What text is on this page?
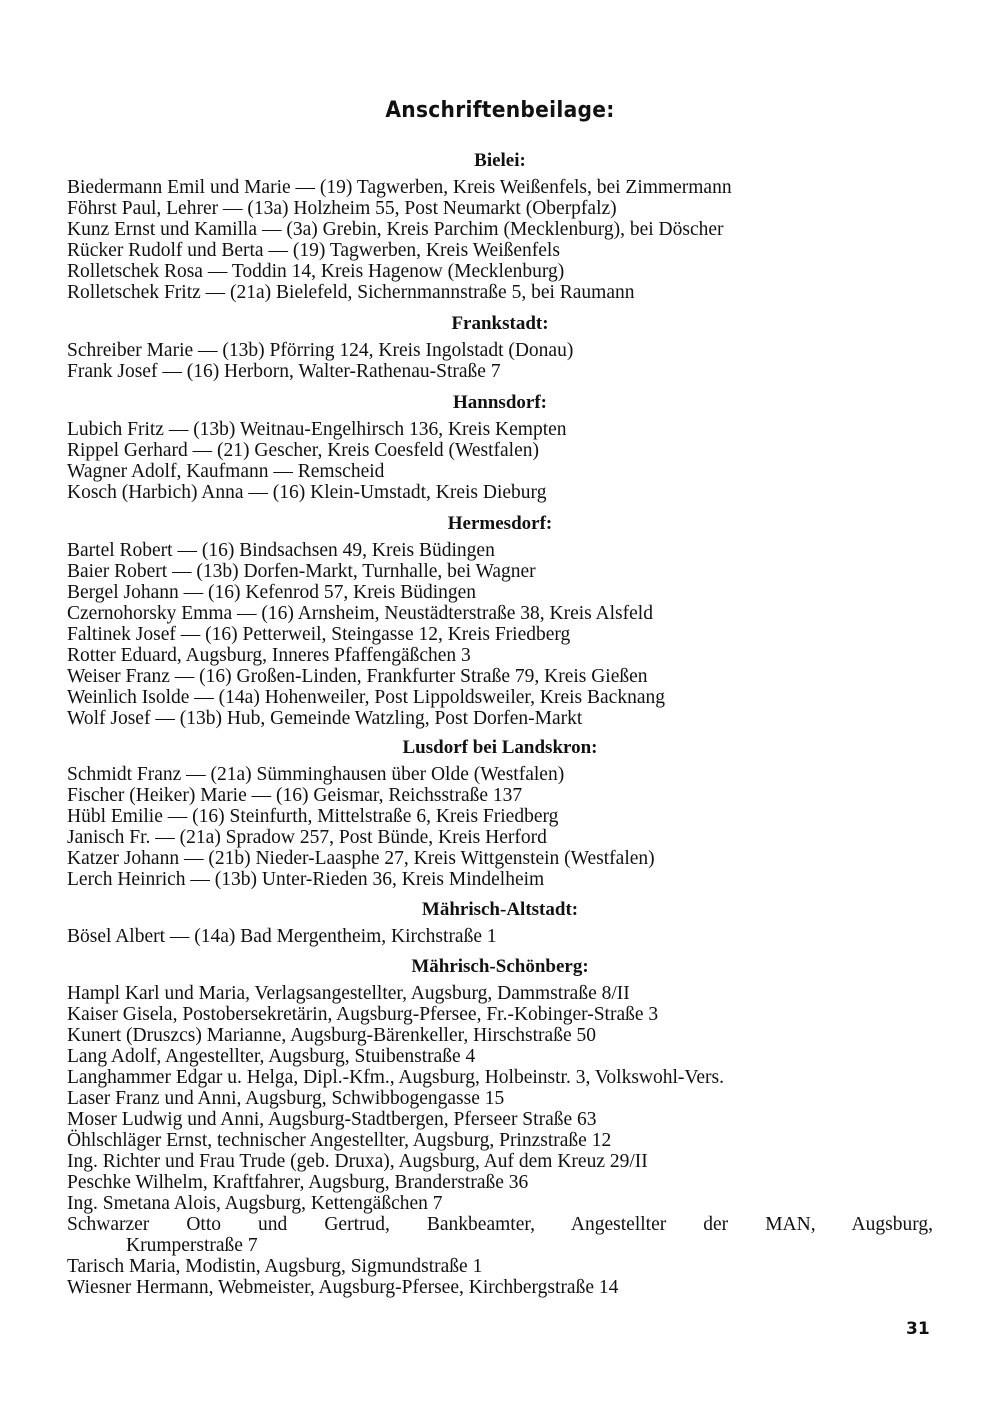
Anschriftenbeilage:
Bielei:
Biedermann Emil und Marie — (19) Tagwerben, Kreis Weißenfels, bei Zimmermann
Föhrst Paul, Lehrer — (13a) Holzheim 55, Post Neumarkt (Oberpfalz)
Kunz Ernst und Kamilla — (3a) Grebin, Kreis Parchim (Mecklenburg), bei Döscher
Rücker Rudolf und Berta — (19) Tagwerben, Kreis Weißenfels
Rolletschek Rosa — Toddin 14, Kreis Hagenow (Mecklenburg)
Rolletschek Fritz — (21a) Bielefeld, Sichernmannstraße 5, bei Raumann
Frankstadt:
Schreiber Marie — (13b) Pförring 124, Kreis Ingolstadt (Donau)
Frank Josef — (16) Herborn, Walter-Rathenau-Straße 7
Hannsdorf:
Lubich Fritz — (13b) Weitnau-Engelhirsch 136, Kreis Kempten
Rippel Gerhard — (21) Gescher, Kreis Coesfeld (Westfalen)
Wagner Adolf, Kaufmann — Remscheid
Kosch (Harbich) Anna — (16) Klein-Umstadt, Kreis Dieburg
Hermesdorf:
Bartel Robert — (16) Bindsachsen 49, Kreis Büdingen
Baier Robert — (13b) Dorfen-Markt, Turnhalle, bei Wagner
Bergel Johann — (16) Kefenrod 57, Kreis Büdingen
Czernohorsky Emma — (16) Arnsheim, Neustädterstraße 38, Kreis Alsfeld
Faltinek Josef — (16) Petterweil, Steingasse 12, Kreis Friedberg
Rotter Eduard, Augsburg, Inneres Pfaffengäßchen 3
Weiser Franz — (16) Großen-Linden, Frankfurter Straße 79, Kreis Gießen
Weinlich Isolde — (14a) Hohenweiler, Post Lippoldsweiler, Kreis Backnang
Wolf Josef — (13b) Hub, Gemeinde Watzling, Post Dorfen-Markt
Lusdorf bei Landskron:
Schmidt Franz — (21a) Sümminghausen über Olde (Westfalen)
Fischer (Heiker) Marie — (16) Geismar, Reichsstraße 137
Hübl Emilie — (16) Steinfurth, Mittelstraße 6, Kreis Friedberg
Janisch Fr. — (21a) Spradow 257, Post Bünde, Kreis Herford
Katzer Johann — (21b) Nieder-Laasphe 27, Kreis Wittgenstein (Westfalen)
Lerch Heinrich — (13b) Unter-Rieden 36, Kreis Mindelheim
Mährisch-Altstadt:
Bösel Albert — (14a) Bad Mergentheim, Kirchstraße 1
Mährisch-Schönberg:
Hampl Karl und Maria, Verlagsangestellter, Augsburg, Dammstraße 8/II
Kaiser Gisela, Postobersekretärin, Augsburg-Pfersee, Fr.-Kobinger-Straße 3
Kunert (Druszcs) Marianne, Augsburg-Bärenkeller, Hirschstraße 50
Lang Adolf, Angestellter, Augsburg, Stuibenstraße 4
Langhammer Edgar u. Helga, Dipl.-Kfm., Augsburg, Holbeinstr. 3, Volkswohl-Vers.
Laser Franz und Anni, Augsburg, Schwibbogengasse 15
Moser Ludwig und Anni, Augsburg-Stadtbergen, Pferseer Straße 63
Öhlschläger Ernst, technischer Angestellter, Augsburg, Prinzstraße 12
Ing. Richter und Frau Trude (geb. Druxa), Augsburg, Auf dem Kreuz 29/II
Peschke Wilhelm, Kraftfahrer, Augsburg, Branderstraße 36
Ing. Smetana Alois, Augsburg, Kettengäßchen 7
Schwarzer Otto und Gertrud, Bankbeamter, Angestellter der MAN, Augsburg,
Krumperstraße 7
Tarisch Maria, Modistin, Augsburg, Sigmundstraße 1
Wiesner Hermann, Webmeister, Augsburg-Pfersee, Kirchbergstraße 14
31
